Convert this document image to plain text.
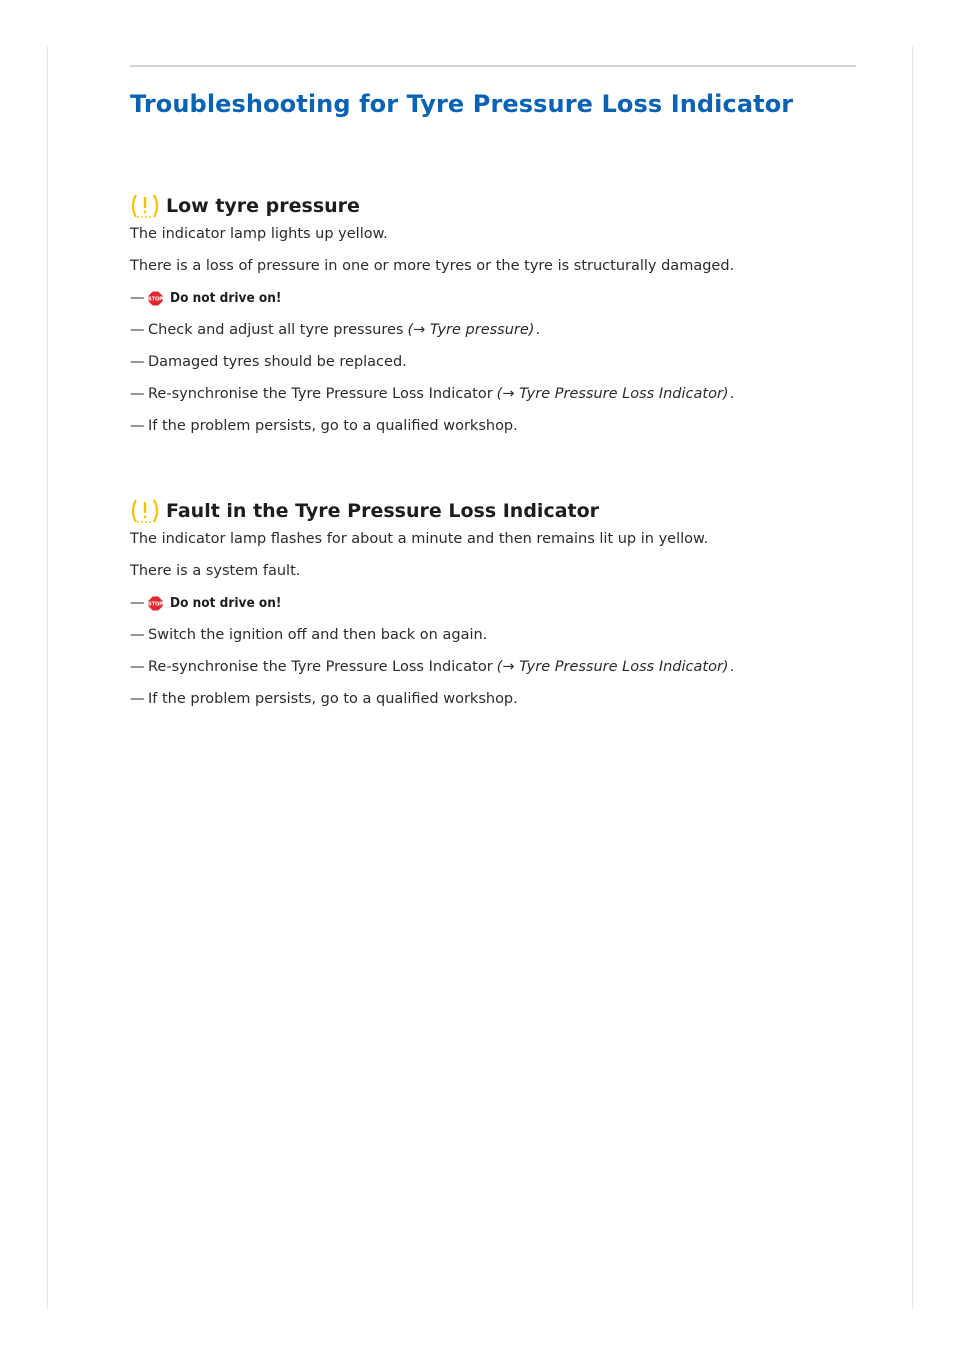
Troubleshooting for Tyre Pressure Loss Indicator
Low tyre pressure

The indicator lamp lights up yellow.

There is a loss of pressure in one or more tyres or the tyre is structurally damaged.

— STOP Do not drive on!
— Check and adjust all tyre pressures (→ Tyre pressure) .
— Damaged tyres should be replaced.
— Re-synchronise the Tyre Pressure Loss Indicator (→ Tyre Pressure Loss Indicator) .
— If the problem persists, go to a qualified workshop.
Fault in the Tyre Pressure Loss Indicator

The indicator lamp flashes for about a minute and then remains lit up in yellow.

There is a system fault.

— STOP Do not drive on!
— Switch the ignition off and then back on again.
— Re-synchronise the Tyre Pressure Loss Indicator (→ Tyre Pressure Loss Indicator) .
— If the problem persists, go to a qualified workshop.
